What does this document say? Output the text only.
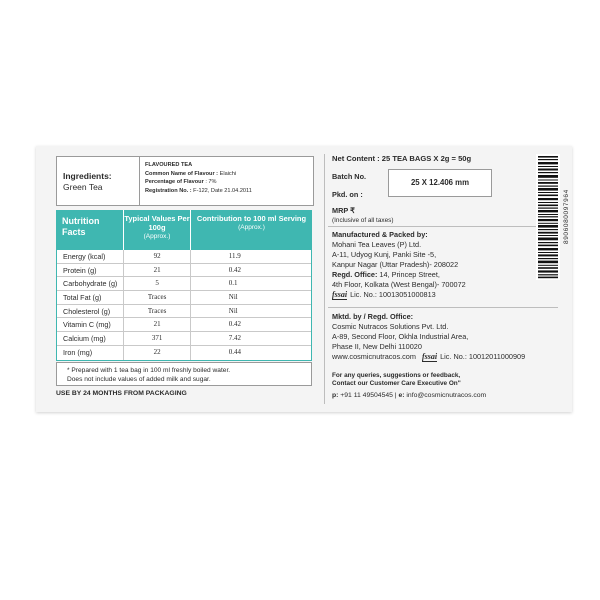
Ingredients:
Green Tea
FLAVOURED TEA
Common Name of Flavour : Elaichi
Percentage of Flavour : 7%
Registration No. : F-122, Date 21.04.2011
Nutrition Facts
Typical Values Per 100g
(Approx.)
Contribution to 100 ml Serving
(Approx.)
Energy (kcal)	92	11.9
Protein (g)	21	0.42
Carbohydrate (g)	5	0.1
Total Fat (g)	Traces	Nil
Cholesterol (g)	Traces	Nil
Vitamin C (mg)	21	0.42
Calcium (mg)	371	7.42
Iron (mg)	22	0.44
* Prepared with 1 tea bag in 100 ml freshly boiled water.
Does not include values of added milk and sugar.
USE BY 24 MONTHS FROM PACKAGING
Net Content : 25 TEA BAGS X 2g = 50g
Batch No.
Pkd. on :
25 X 12.406 mm
MRP ₹
(Inclusive of all taxes)
Manufactured & Packed by:
Mohani Tea Leaves (P) Ltd.
A-11, Udyog Kunj, Panki Site -5,
Kanpur Nagar (Uttar Pradesh)- 208022
Regd. Office: 14, Princep Street,
4th Floor, Kolkata (West Bengal)- 700072
fssai Lic. No.: 10013051000813
Mktd. by / Regd. Office:
Cosmic Nutracos Solutions Pvt. Ltd.
A-89, Second Floor, Okhla Industrial Area,
Phase II, New Delhi 110020
www.cosmicnutracos.com fssai Lic. No.: 10012011000909
For any queries, suggestions or feedback,
Contact our Customer Care Executive On"
p: +91 11 49504545 | e: info@cosmicnutracos.com
8906080097964
